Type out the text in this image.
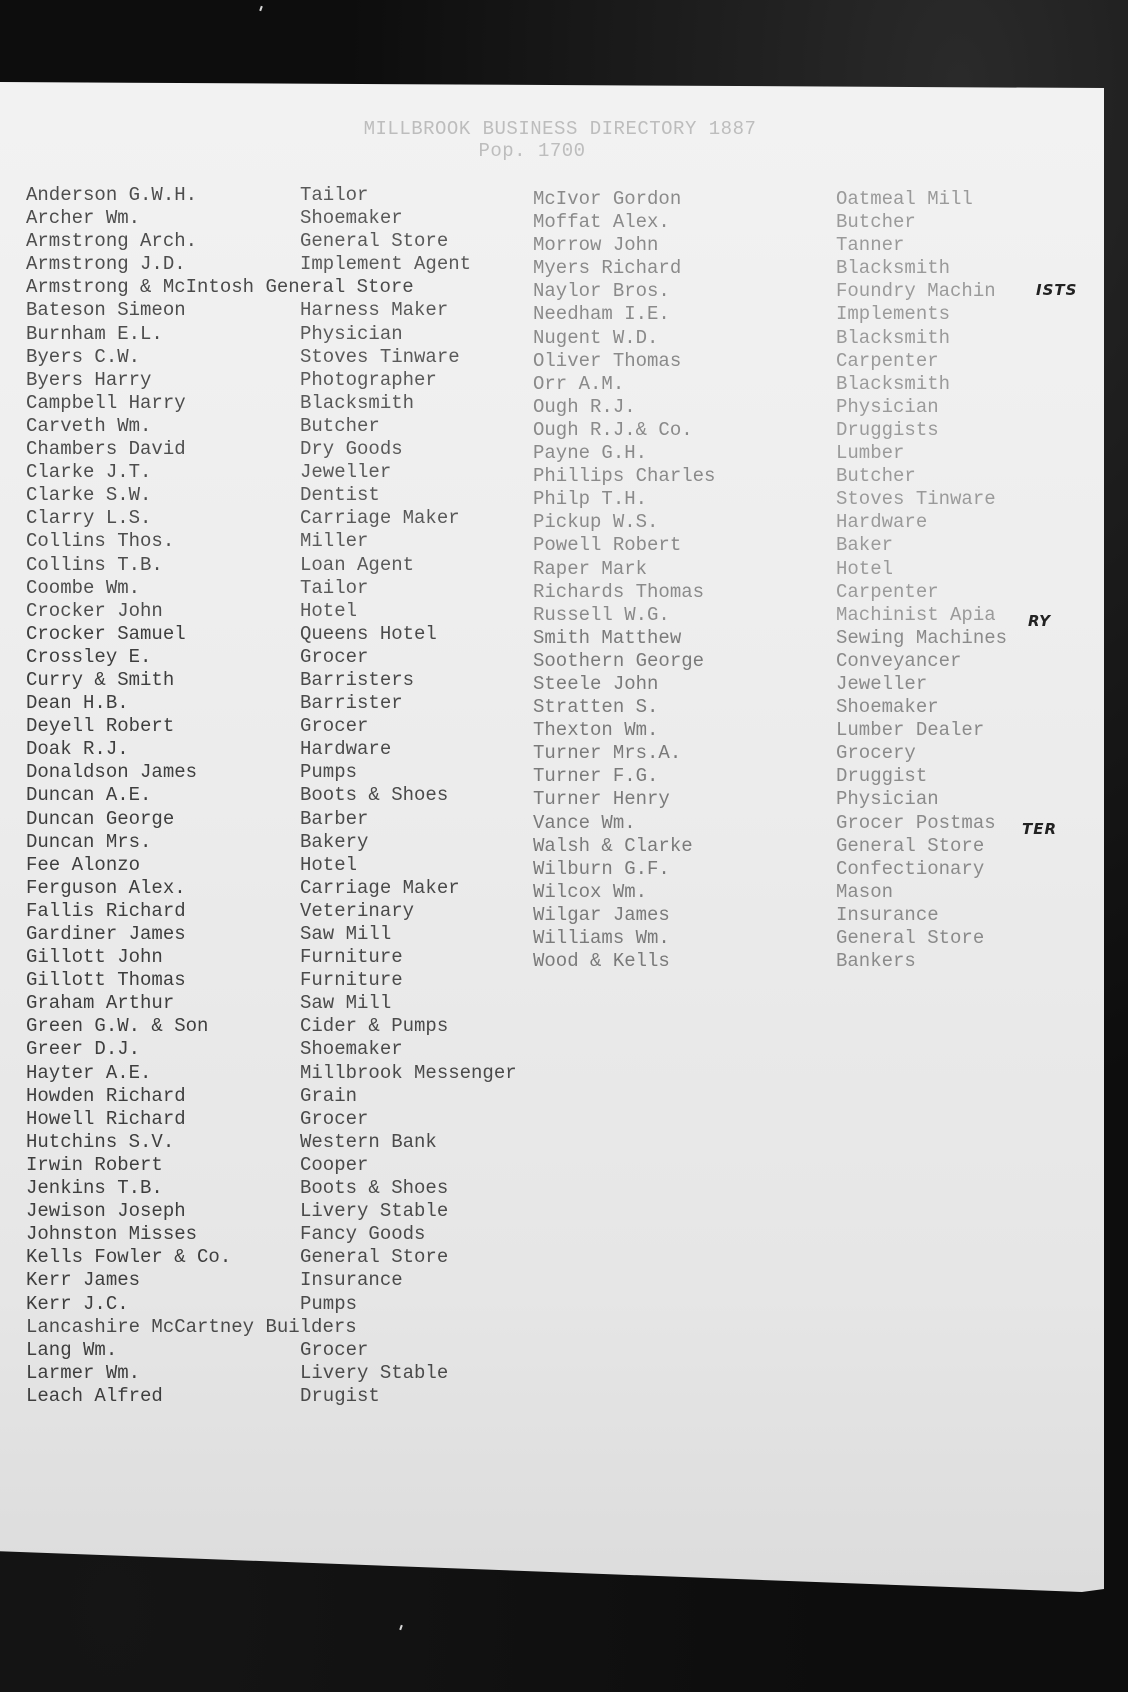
MILLBROOK BUSINESS DIRECTORY 1887
Pop. 1700
Anderson G.W.H.
Archer Wm.
Armstrong Arch.
Armstrong J.D.
Bateson Simeon
Burnham E.L.
Byers C.W.
Byers Harry
Campbell Harry
Carveth Wm.
Chambers David
Clarke J.T.
Clarke S.W.
Clarry L.S.
Collins Thos.
Collins T.B.
Coombe Wm.
Crocker John
Crocker Samuel
Crossley E.
Curry & Smith
Dean H.B.
Deyell Robert
Doak R.J.
Donaldson James
Duncan A.E.
Duncan George
Duncan Mrs.
Fee Alonzo
Ferguson Alex.
Fallis Richard
Gardiner James
Gillott John
Gillott Thomas
Graham Arthur
Green G.W. & Son
Greer D.J.
Hayter A.E.
Howden Richard
Howell Richard
Hutchins S.V.
Irwin Robert
Jenkins T.B.
Jewison Joseph
Johnston Misses
Kells Fowler & Co.
Kerr James
Kerr J.C.
Lang Wm.
Larmer Wm.
Leach Alfred
Tailor
Shoemaker
General Store
Implement Agent
Harness Maker
Physician
Stoves Tinware
Photographer
Blacksmith
Butcher
Dry Goods
Jeweller
Dentist
Carriage Maker
Miller
Loan Agent
Tailor
Hotel
Queens Hotel
Grocer
Barristers
Barrister
Grocer
Hardware
Pumps
Boots & Shoes
Barber
Bakery
Hotel
Carriage Maker
Veterinary
Saw Mill
Furniture
Furniture
Saw Mill
Cider & Pumps
Shoemaker
Millbrook Messenger
Grain
Grocer
Western Bank
Cooper
Boots & Shoes
Livery Stable
Fancy Goods
General Store
Insurance
Pumps
Grocer
Livery Stable
Drugist
McIvor Gordon
Moffat Alex.
Morrow John
Myers Richard
Naylor Bros.
Needham I.E.
Nugent W.D.
Oliver Thomas
Orr A.M.
Ough R.J.
Ough R.J.& Co.
Payne G.H.
Phillips Charles
Philp T.H.
Pickup W.S.
Powell Robert
Raper Mark
Richards Thomas
Russell W.G.
Smith Matthew
Soothern George
Steele John
Stratten S.
Thexton Wm.
Turner Mrs.A.
Turner F.G.
Turner Henry
Vance Wm.
Walsh & Clarke
Wilburn G.F.
Wilcox Wm.
Wilgar James
Williams Wm.
Wood & Kells
Oatmeal Mill
Butcher
Tanner
Blacksmith
Foundry Machin
Implements
Blacksmith
Carpenter
Blacksmith
Physician
Druggists
Lumber
Butcher
Stoves Tinware
Hardware
Baker
Hotel
Carpenter
Machinist Apia
Sewing Machines
Conveyancer
Jeweller
Shoemaker
Lumber Dealer
Grocery
Druggist
Physician
Grocer Postmas
General Store
Confectionary
Mason
Insurance
General Store
Bankers
Armstrong & McIntosh General Store
Lancashire McCartney Builders
ISTS
RY
TER
